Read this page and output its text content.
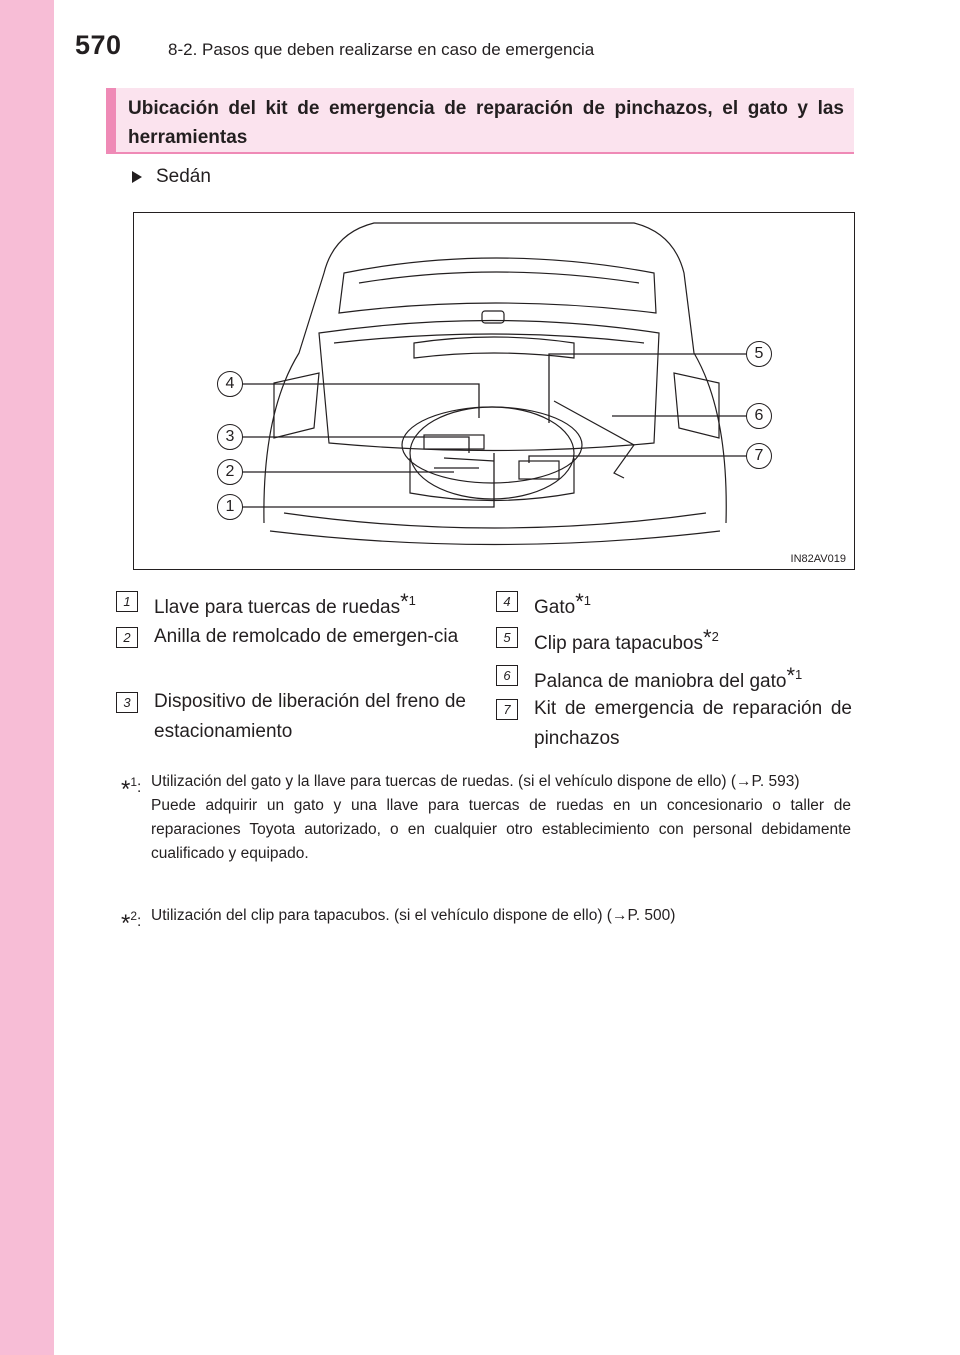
570	8-2. Pasos que deben realizarse en caso de emergencia
Ubicación del kit de emergencia de reparación de pinchazos, el gato y las herramientas
Sedán
4
3
2
1
5
6
7
IN82AV019
1	Llave para tuercas de ruedas$^{*1}$
2	Anilla de remolcado de emergen-cia
3	Dispositivo de liberación del freno de estacionamiento
4	Gato$^{*1}$
5	Clip para tapacubos$^{*2}$
6	Palanca de maniobra del gato$^{*1}$
7	Kit de emergencia de reparación de pinchazos
*$^1$: Utilización del gato y la llave para tuercas de ruedas. (si el vehículo dispone de ello) (→P. 593)

Puede adquirir un gato y una llave para tuercas de ruedas en un concesionario o taller de reparaciones Toyota autorizado, o en cualquier otro establecimiento con personal debidamente cualificado y equipado.

*$^2$: Utilización del clip para tapacubos. (si el vehículo dispone de ello) (→P. 500)
